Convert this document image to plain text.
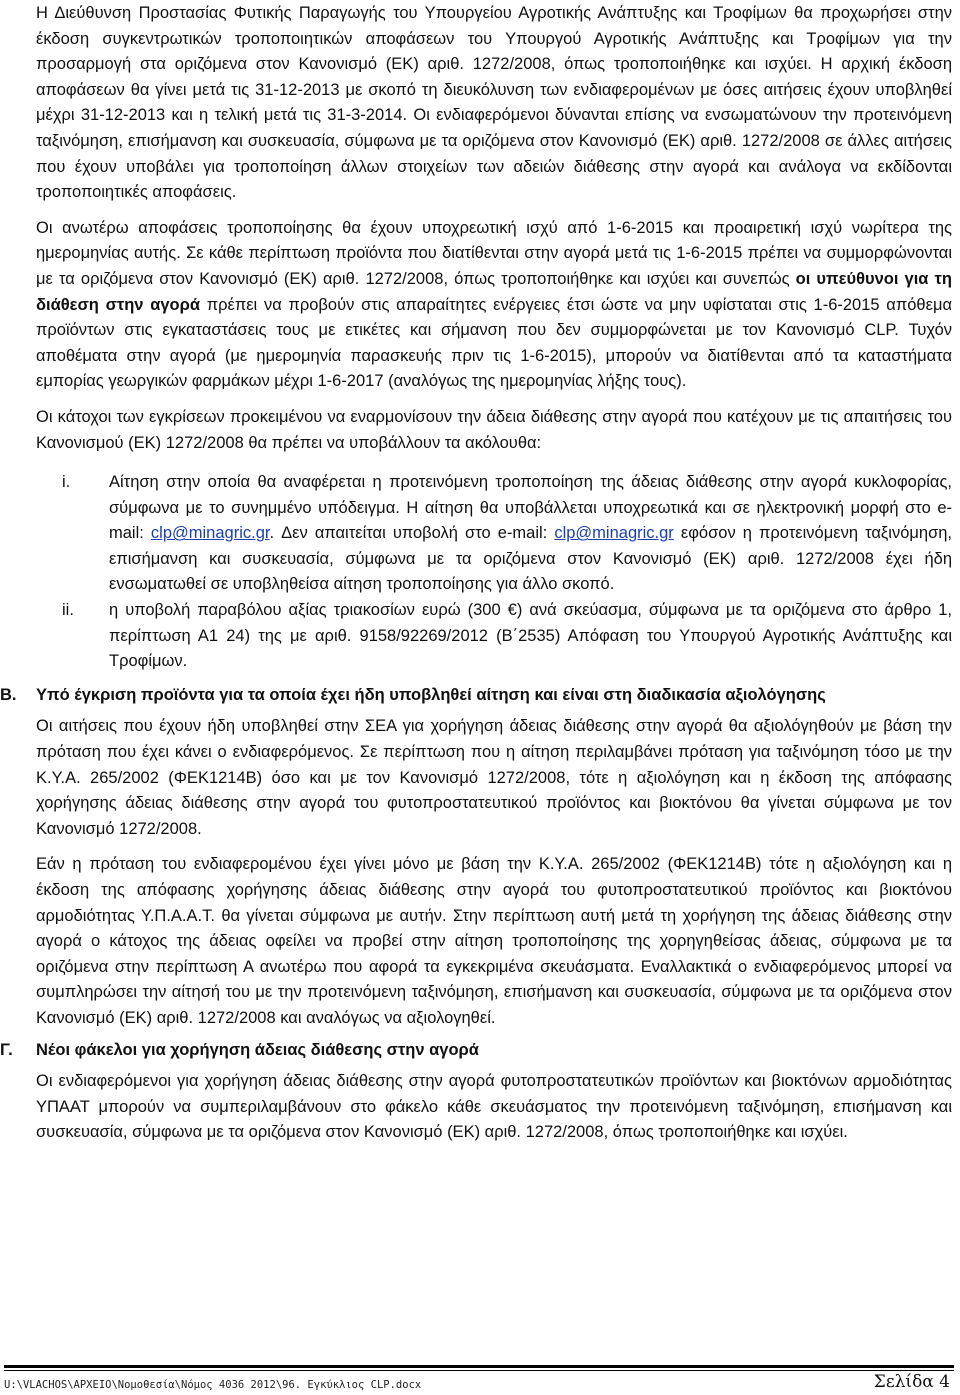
Η Διεύθυνση Προστασίας Φυτικής Παραγωγής του Υπουργείου Αγροτικής Ανάπτυξης και Τροφίμων θα προχωρήσει στην έκδοση συγκεντρωτικών τροποποιητικών αποφάσεων του Υπουργού Αγροτικής Ανάπτυξης και Τροφίμων για την προσαρμογή στα οριζόμενα στον Κανονισμό (ΕΚ) αριθ. 1272/2008, όπως τροποποιήθηκε και ισχύει. Η αρχική έκδοση αποφάσεων θα γίνει μετά τις 31-12-2013 με σκοπό τη διευκόλυνση των ενδιαφερομένων με όσες αιτήσεις έχουν υποβληθεί μέχρι 31-12-2013 και η τελική μετά τις 31-3-2014. Οι ενδιαφερόμενοι δύνανται επίσης να ενσωματώνουν την προτεινόμενη ταξινόμηση, επισήμανση και συσκευασία, σύμφωνα με τα οριζόμενα στον Κανονισμό (ΕΚ) αριθ. 1272/2008 σε άλλες αιτήσεις που έχουν υποβάλει για τροποποίηση άλλων στοιχείων των αδειών διάθεσης στην αγορά και ανάλογα να εκδίδονται τροποποιητικές αποφάσεις.

Οι ανωτέρω αποφάσεις τροποποίησης θα έχουν υποχρεωτική ισχύ από 1-6-2015 και προαιρετική ισχύ νωρίτερα της ημερομηνίας αυτής. Σε κάθε περίπτωση προϊόντα που διατίθενται στην αγορά μετά τις 1-6-2015 πρέπει να συμμορφώνονται με τα οριζόμενα στον Κανονισμό (ΕΚ) αριθ. 1272/2008, όπως τροποποιήθηκε και ισχύει και συνεπώς οι υπεύθυνοι για τη διάθεση στην αγορά πρέπει να προβούν στις απαραίτητες ενέργειες έτσι ώστε να μην υφίσταται στις 1-6-2015 απόθεμα προϊόντων στις εγκαταστάσεις τους με ετικέτες και σήμανση που δεν συμμορφώνεται με τον Κανονισμό CLP. Τυχόν αποθέματα στην αγορά (με ημερομηνία παρασκευής πριν τις 1-6-2015), μπορούν να διατίθενται από τα καταστήματα εμπορίας γεωργικών φαρμάκων μέχρι 1-6-2017 (αναλόγως της ημερομηνίας λήξης τους).

Οι κάτοχοι των εγκρίσεων προκειμένου να εναρμονίσουν την άδεια διάθεσης στην αγορά που κατέχουν με τις απαιτήσεις του Κανονισμού (ΕΚ) 1272/2008 θα πρέπει να υποβάλλουν τα ακόλουθα:

i. Αίτηση στην οποία θα αναφέρεται η προτεινόμενη τροποποίηση της άδειας διάθεσης στην αγορά κυκλοφορίας, σύμφωνα με το συνημμένο υπόδειγμα. Η αίτηση θα υποβάλλεται υποχρεωτικά και σε ηλεκτρονική μορφή στο e-mail: clp@minagric.gr. Δεν απαιτείται υποβολή στο e-mail: clp@minagric.gr εφόσον η προτεινόμενη ταξινόμηση, επισήμανση και συσκευασία, σύμφωνα με τα οριζόμενα στον Κανονισμό (ΕΚ) αριθ. 1272/2008 έχει ήδη ενσωματωθεί σε υποβληθείσα αίτηση τροποποίησης για άλλο σκοπό.
ii. η υποβολή παραβόλου αξίας τριακοσίων ευρώ (300 €) ανά σκεύασμα, σύμφωνα με τα οριζόμενα στο άρθρο 1, περίπτωση Α1 24) της με αριθ. 9158/92269/2012 (Β΄2535) Απόφαση του Υπουργού Αγροτικής Ανάπτυξης και Τροφίμων.
Β. Υπό έγκριση προϊόντα για τα οποία έχει ήδη υποβληθεί αίτηση και είναι στη διαδικασία αξιολόγησης

Οι αιτήσεις που έχουν ήδη υποβληθεί στην ΣΕΑ για χορήγηση άδειας διάθεσης στην αγορά θα αξιολόγηθούν με βάση την πρόταση που έχει κάνει ο ενδιαφερόμενος. Σε περίπτωση που η αίτηση περιλαμβάνει πρόταση για ταξινόμηση τόσο με την Κ.Υ.Α. 265/2002 (ΦΕΚ1214Β) όσο και με τον Κανονισμό 1272/2008, τότε η αξιολόγηση και η έκδοση της απόφασης χορήγησης άδειας διάθεσης στην αγορά του φυτοπροστατευτικού προϊόντος και βιοκτόνου θα γίνεται σύμφωνα με τον Κανονισμό 1272/2008.

Εάν η πρόταση του ενδιαφερομένου έχει γίνει μόνο με βάση την Κ.Υ.Α. 265/2002 (ΦΕΚ1214Β) τότε η αξιολόγηση και η έκδοση της απόφασης χορήγησης άδειας διάθεσης στην αγορά του φυτοπροστατευτικού προϊόντος και βιοκτόνου αρμοδιότητας Υ.Π.Α.Α.Τ. θα γίνεται σύμφωνα με αυτήν. Στην περίπτωση αυτή μετά τη χορήγηση της άδειας διάθεσης στην αγορά ο κάτοχος της άδειας οφείλει να προβεί στην αίτηση τροποποίησης της χορηγηθείσας άδειας, σύμφωνα με τα οριζόμενα στην περίπτωση Α ανωτέρω που αφορά τα εγκεκριμένα σκευάσματα. Εναλλακτικά ο ενδιαφερόμενος μπορεί να συμπληρώσει την αίτησή του με την προτεινόμενη ταξινόμηση, επισήμανση και συσκευασία, σύμφωνα με τα οριζόμενα στον Κανονισμό (ΕΚ) αριθ. 1272/2008 και αναλόγως να αξιολογηθεί.

Γ. Νέοι φάκελοι για χορήγηση άδειας διάθεσης στην αγορά

Οι ενδιαφερόμενοι για χορήγηση άδειας διάθεσης στην αγορά φυτοπροστατευτικών προϊόντων και βιοκτόνων αρμοδιότητας ΥΠΑΑΤ μπορούν να συμπεριλαμβάνουν στο φάκελο κάθε σκευάσματος την προτεινόμενη ταξινόμηση, επισήμανση και συσκευασία, σύμφωνα με τα οριζόμενα στον Κανονισμό (ΕΚ) αριθ. 1272/2008, όπως τροποποιήθηκε και ισχύει.

U:\VLACHOS\ΑΡΧΕΙΟ\Νομοθεσία\Νόμος 4036 2012\96. Εγκύκλιος CLP.docx	Σελίδα 4
